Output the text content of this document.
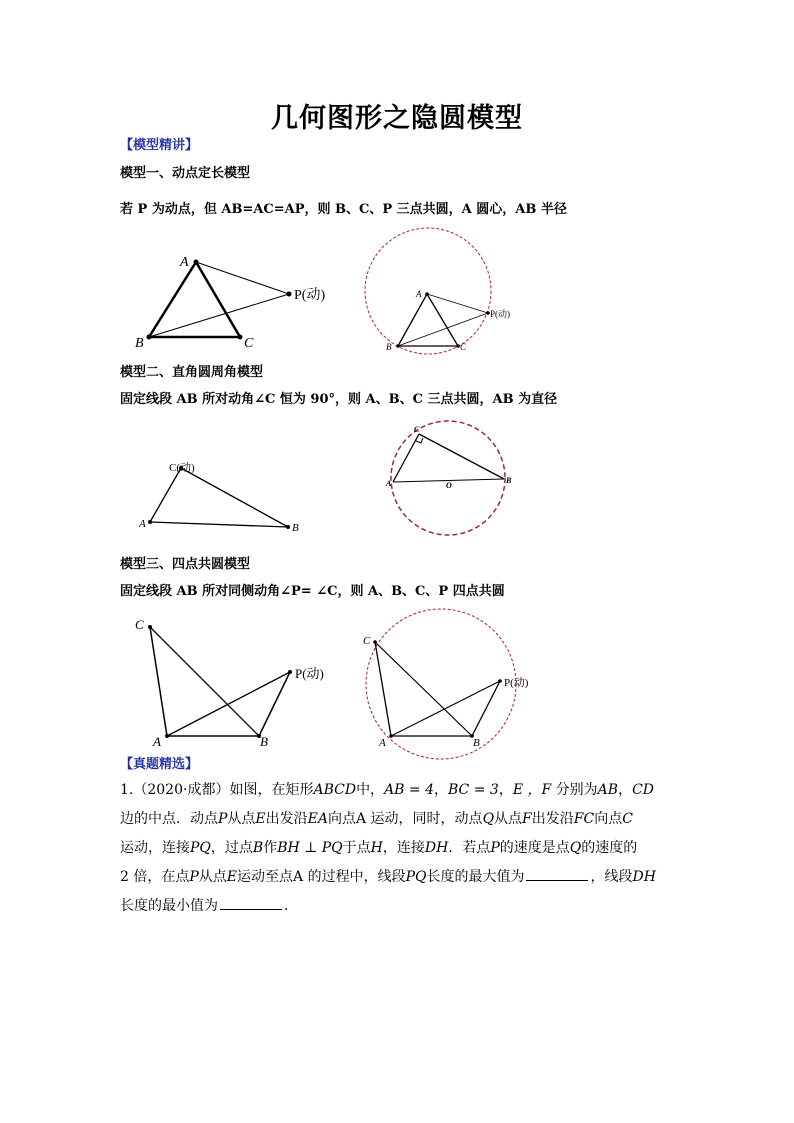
几何图形之隐圆模型
【模型精讲】
模型一、动点定长模型
若 P 为动点，但 AB=AC=AP，则 B、C、P 三点共圆，A 圆心，AB 半径
A
B	C
P(动)	A
B	C
P(动)
模型二、直角圆周角模型
固定线段 AB 所对动角∠C 恒为 90°，则 A、B、C 三点共圆，AB 为直径
C(动)
A	B
C
A	B
O
模型三、四点共圆模型
固定线段 AB 所对同侧动角∠P= ∠C，则 A、B、C、P 四点共圆
C
A	B
P(动)
C
A	B
P(动)
【真题精选】
1.（2020·成都）如图，在矩形ABCD中，AB = 4，BC = 3，E ，F 分别为AB，CD
边的中点．动点P从点E出发沿EA向点A 运动，同时，动点Q从点F出发沿FC向点C
运动，连接PQ，过点B作BH ⊥ PQ于点H，连接DH．若点P的速度是点Q的速度的
2 倍，在点P从点E运动至点A 的过程中，线段PQ长度的最大值为	，线段DH
长度的最小值为	．
